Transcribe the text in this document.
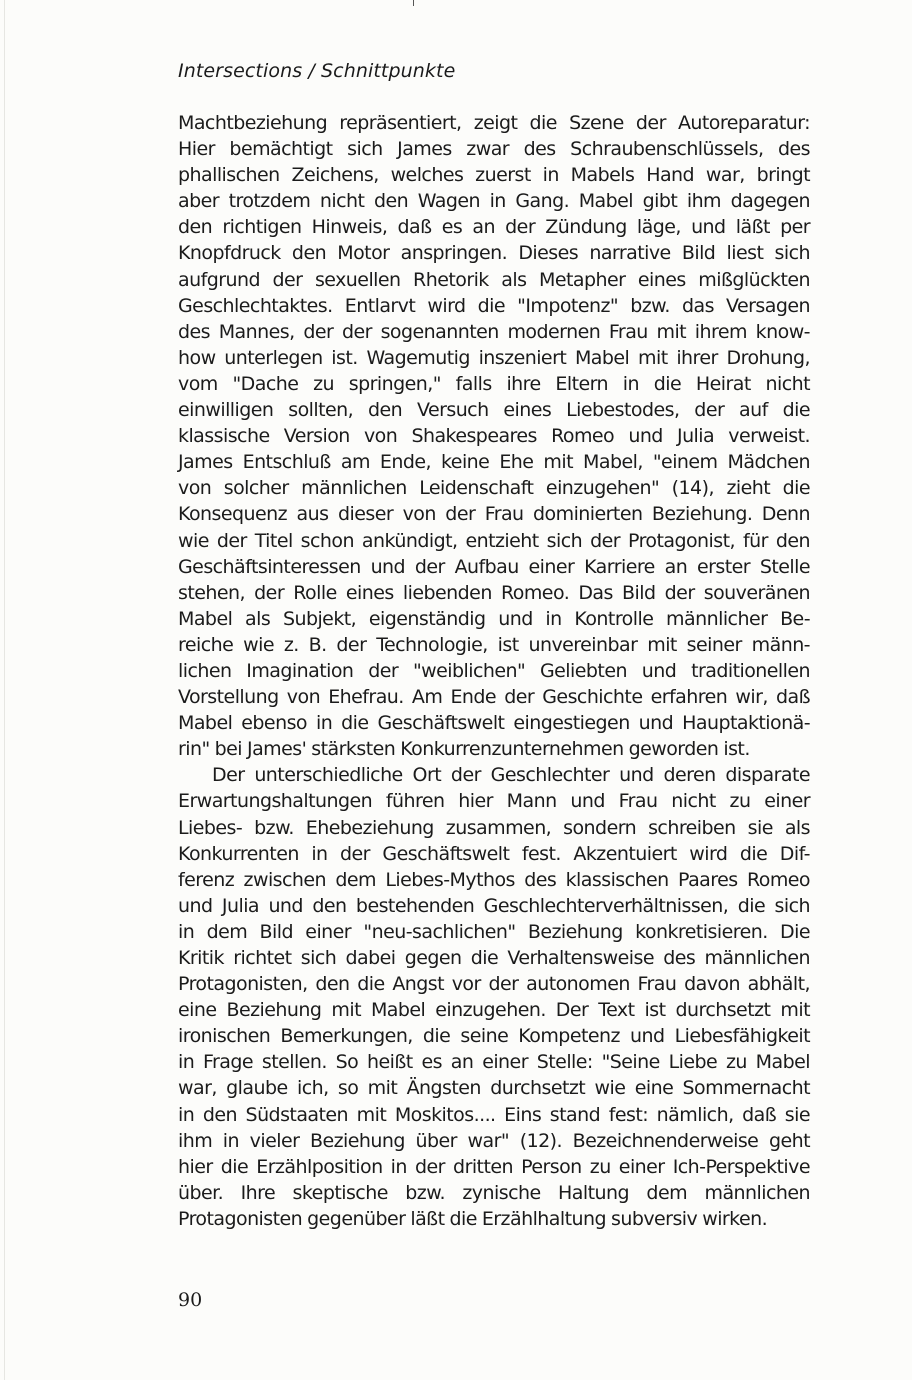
Intersections / Schnittpunkte
Machtbeziehung repräsentiert, zeigt die Szene der Autoreparatur:
Hier bemächtigt sich James zwar des Schraubenschlüssels, des
phallischen Zeichens, welches zuerst in Mabels Hand war, bringt
aber trotzdem nicht den Wagen in Gang. Mabel gibt ihm dagegen
den richtigen Hinweis, daß es an der Zündung läge, und läßt per
Knopfdruck den Motor anspringen. Dieses narrative Bild liest sich
aufgrund der sexuellen Rhetorik als Metapher eines mißglückten
Geschlechtaktes. Entlarvt wird die "Impotenz" bzw. das Versagen
des Mannes, der der sogenannten modernen Frau mit ihrem know-
how unterlegen ist. Wagemutig inszeniert Mabel mit ihrer Drohung,
vom "Dache zu springen," falls ihre Eltern in die Heirat nicht
einwilligen sollten, den Versuch eines Liebestodes, der auf die
klassische Version von Shakespeares Romeo und Julia verweist.
James Entschluß am Ende, keine Ehe mit Mabel, "einem Mädchen
von solcher männlichen Leidenschaft einzugehen" (14), zieht die
Konsequenz aus dieser von der Frau dominierten Beziehung. Denn
wie der Titel schon ankündigt, entzieht sich der Protagonist, für den
Geschäftsinteressen und der Aufbau einer Karriere an erster Stelle
stehen, der Rolle eines liebenden Romeo. Das Bild der souveränen
Mabel als Subjekt, eigenständig und in Kontrolle männlicher Be-
reiche wie z. B. der Technologie, ist unvereinbar mit seiner männ-
lichen Imagination der "weiblichen" Geliebten und traditionellen
Vorstellung von Ehefrau. Am Ende der Geschichte erfahren wir, daß
Mabel ebenso in die Geschäftswelt eingestiegen und Hauptaktionä-
rin" bei James' stärksten Konkurrenzunternehmen geworden ist.
Der unterschiedliche Ort der Geschlechter und deren disparate
Erwartungshaltungen führen hier Mann und Frau nicht zu einer
Liebes- bzw. Ehebeziehung zusammen, sondern schreiben sie als
Konkurrenten in der Geschäftswelt fest. Akzentuiert wird die Dif-
ferenz zwischen dem Liebes-Mythos des klassischen Paares Romeo
und Julia und den bestehenden Geschlechterverhältnissen, die sich
in dem Bild einer "neu-sachlichen" Beziehung konkretisieren. Die
Kritik richtet sich dabei gegen die Verhaltensweise des männlichen
Protagonisten, den die Angst vor der autonomen Frau davon abhält,
eine Beziehung mit Mabel einzugehen. Der Text ist durchsetzt mit
ironischen Bemerkungen, die seine Kompetenz und Liebesfähigkeit
in Frage stellen. So heißt es an einer Stelle: "Seine Liebe zu Mabel
war, glaube ich, so mit Ängsten durchsetzt wie eine Sommernacht
in den Südstaaten mit Moskitos.... Eins stand fest: nämlich, daß sie
ihm in vieler Beziehung über war" (12). Bezeichnenderweise geht
hier die Erzählposition in der dritten Person zu einer Ich-Perspektive
über. Ihre skeptische bzw. zynische Haltung dem männlichen
Protagonisten gegenüber läßt die Erzählhaltung subversiv wirken.
90
